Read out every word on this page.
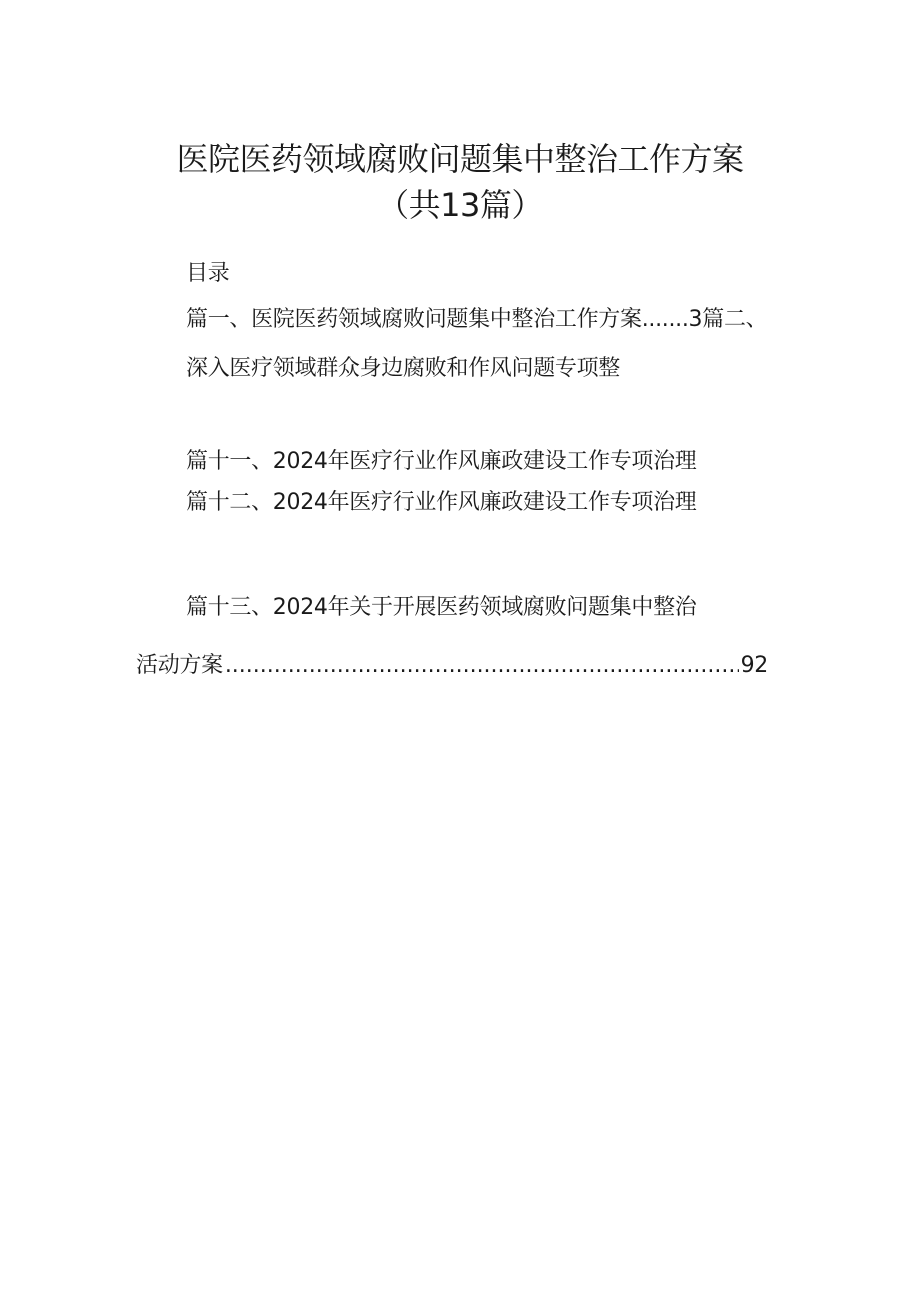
医院医药领域腐败问题集中整治工作方案
（共13篇）
目录
篇一、医院医药领域腐败问题集中整治工作方案.......3篇二、
深入医疗领域群众身边腐败和作风问题专项整
篇十一、2024年医疗行业作风廉政建设工作专项治理
篇十二、2024年医疗行业作风廉政建设工作专项治理
篇十三、2024年关于开展医药领域腐败问题集中整治
活动方案
.....	92
